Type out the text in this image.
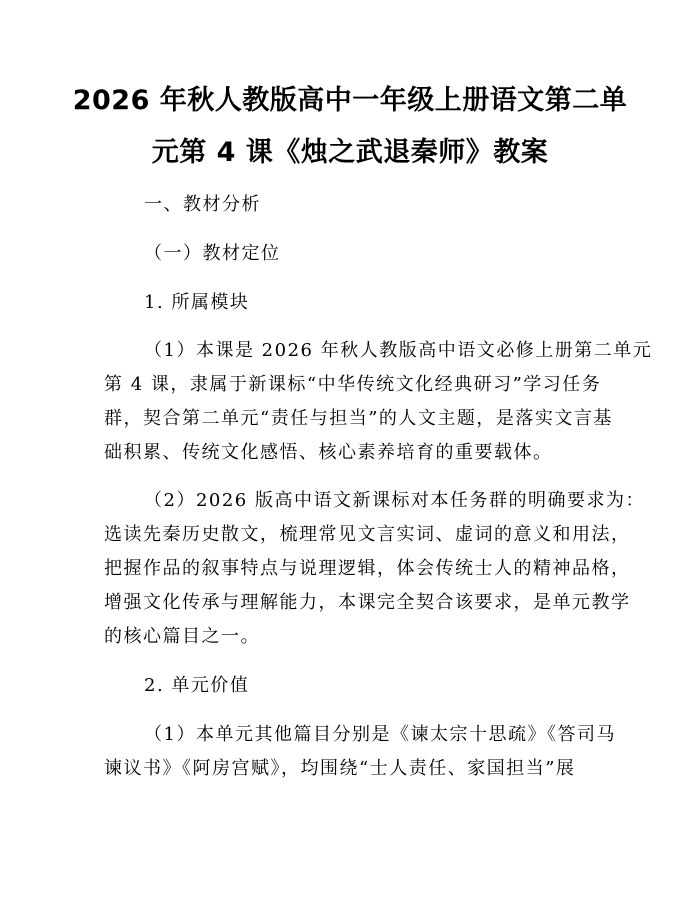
2026 年秋人教版高中一年级上册语文第二单
元第 4 课《烛之武退秦师》教案
一、教材分析
（一）教材定位
1. 所属模块
（1）本课是 2026 年秋人教版高中语文必修上册第二单元
第 4 课，隶属于新课标“中华传统文化经典研习”学习任务
群，契合第二单元“责任与担当”的人文主题，是落实文言基
础积累、传统文化感悟、核心素养培育的重要载体。
（2）2026 版高中语文新课标对本任务群的明确要求为：
选读先秦历史散文，梳理常见文言实词、虚词的意义和用法，
把握作品的叙事特点与说理逻辑，体会传统士人的精神品格，
增强文化传承与理解能力，本课完全契合该要求，是单元教学
的核心篇目之一。
2. 单元价值
（1）本单元其他篇目分别是《谏太宗十思疏》《答司马
谏议书》《阿房宫赋》，均围绕“士人责任、家国担当”展
